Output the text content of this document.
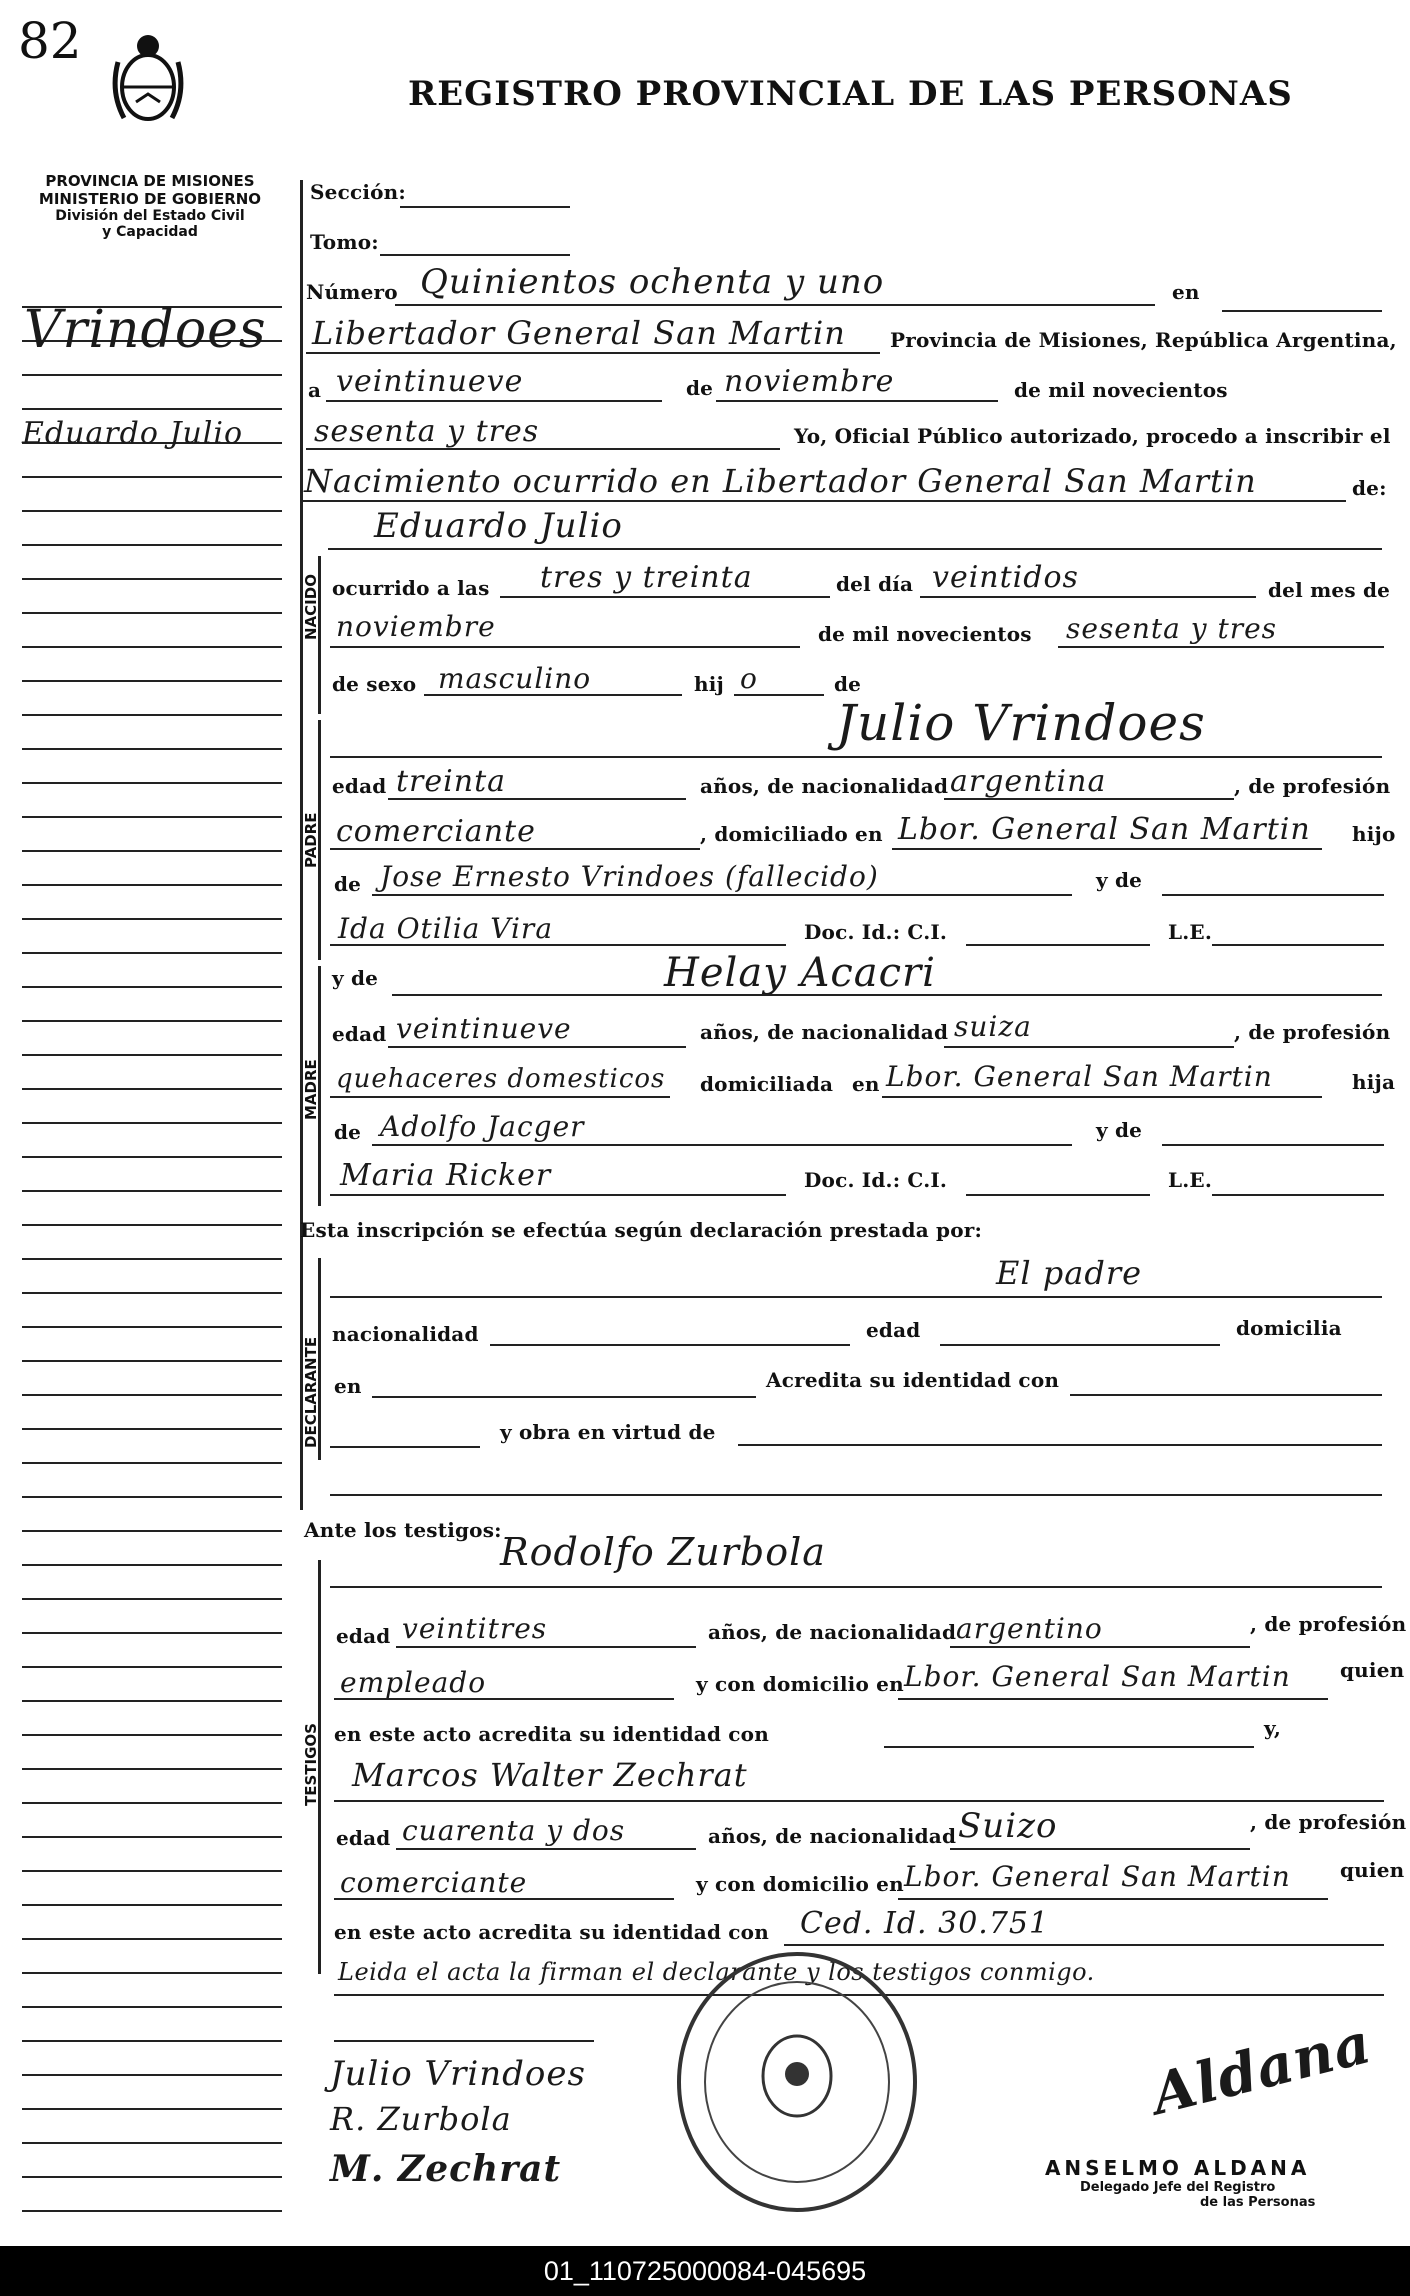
82
REGISTRO PROVINCIAL DE LAS PERSONAS
PROVINCIA DE MISIONES
MINISTERIO DE GOBIERNO
División del Estado Civil
y Capacidad
Vrindoes
Eduardo Julio
NACIDO
PADRE
MADRE
DECLARANTE
TESTIGOS
Sección:
Tomo:
Número Quinientos ochenta y uno	en
Libertador General San Martin Provincia de Misiones, República Argentina,
a veintinueve	de noviembre	de mil novecientos
sesenta y tres	Yo, Oficial Público autorizado, procedo a inscribir el
Nacimiento ocurrido en Libertador General San Martin	de:
Eduardo Julio
ocurrido a las tres y treinta	del día veintidos	del mes de
noviembre	de mil novecientos sesenta y tres
de sexo masculino	hij o	de
Julio Vrindoes
edad treinta	años, de nacionalidad argentina	, de profesión
comerciante	, domiciliado en Lbor. General San Martin hijo
de Jose Ernesto Vrindoes (fallecido)	y de
Ida Otilia Vira	Doc. Id.: C.I.	L.E.
y de	Helay Acacri
edad veintinueve	años, de nacionalidad suiza	, de profesión
quehaceres domesticos domiciliada en Lbor. General San Martin	hija
de Adolfo Jacger	y de
Maria Ricker	Doc. Id.: C.I.	L.E.
Esta inscripción se efectúa según declaración prestada por:
El padre
nacionalidad	edad	domicilia
en	Acredita su identidad con
y obra en virtud de
Ante los testigos:
Rodolfo Zurbola
edad veintitres	años, de nacionalidad argentino	, de profesión
empleado	y con domicilio en Lbor. General San Martin quien
en este acto acredita su identidad con	y,
Marcos Walter Zechrat
edad cuarenta y dos	años, de nacionalidad Suizo	, de profesión
comerciante	y con domicilio en Lbor. General San Martin quien
en este acto acredita su identidad con Ced. Id. 30.751
Leida el acta la firman el declarante y los testigos conmigo.
Julio Vrindoes
R. Zurbola
M. Zechrat
Aldana
ANSELMO ALDANA
Delegado Jefe del Registro
de las Personas
01_110725000084-045695
